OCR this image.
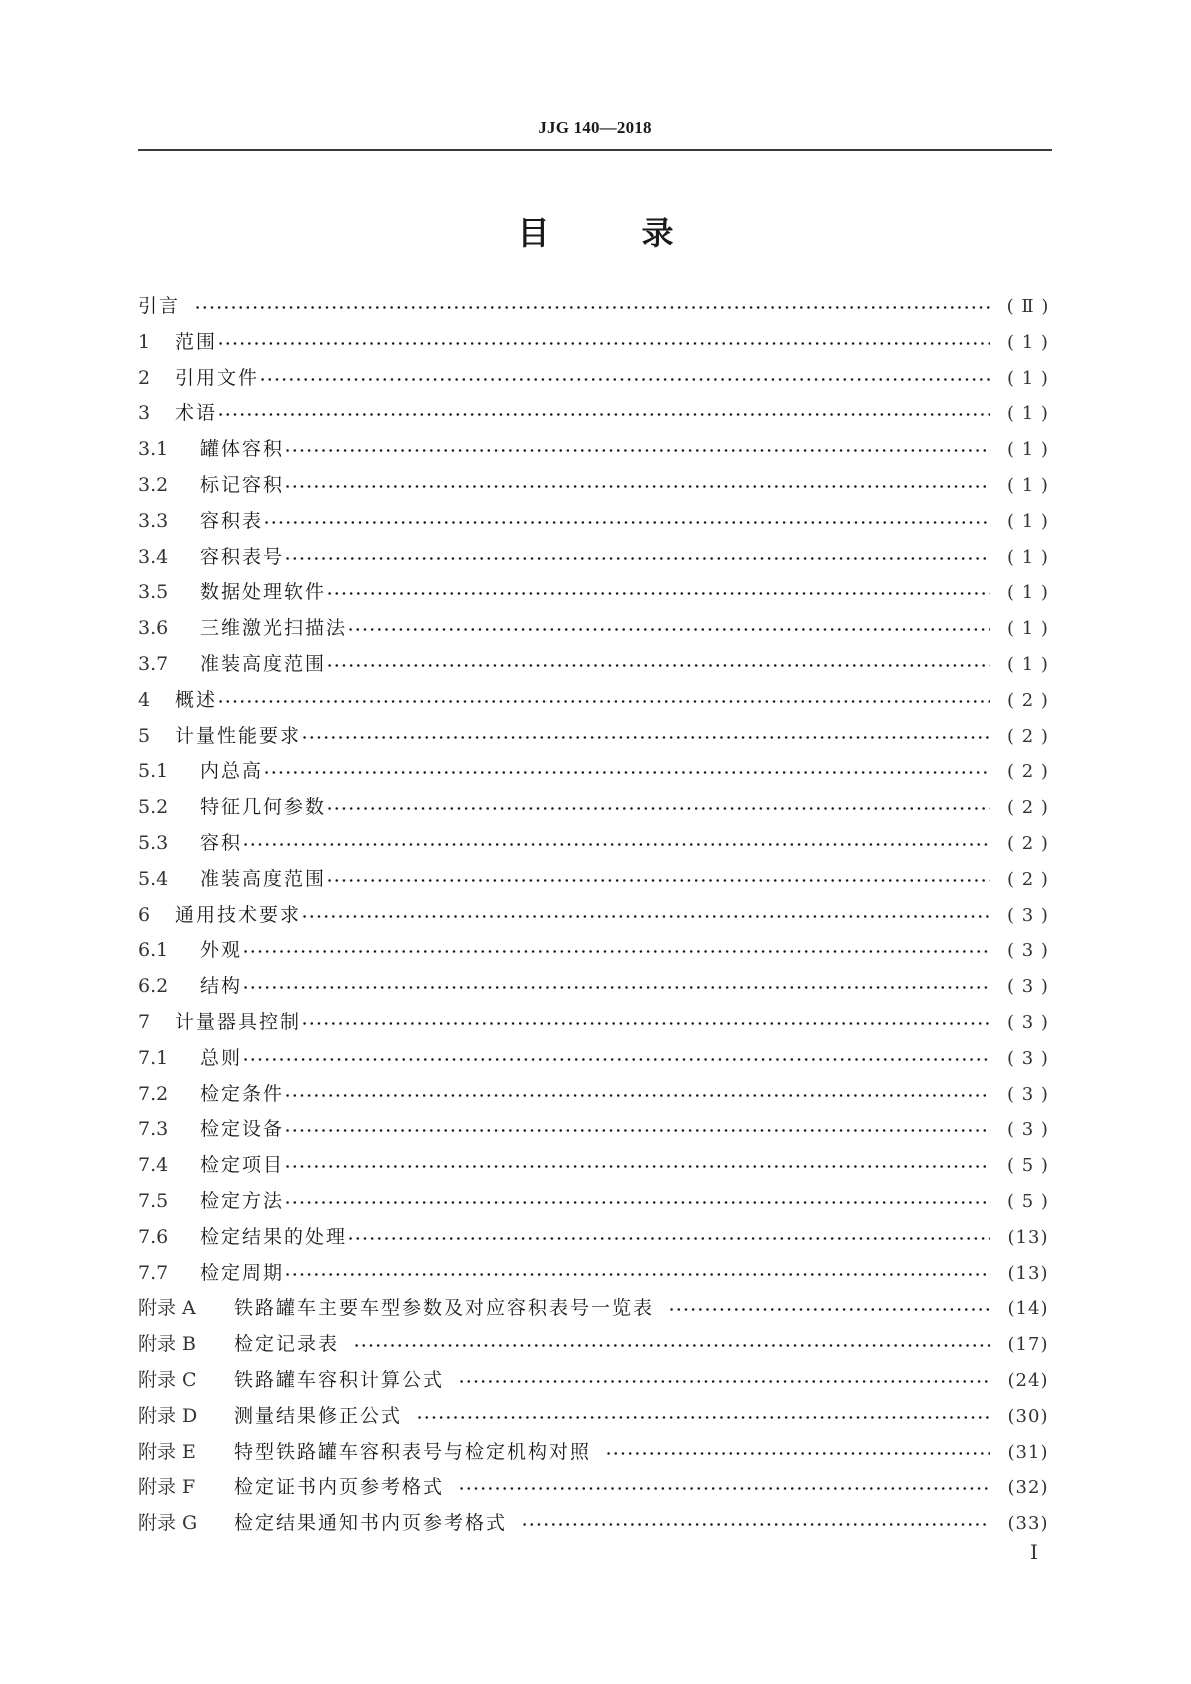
JJG 140—2018
目	录
引言	( Ⅱ )
1	范围	( 1 )
2	引用文件	( 1 )
3	术语	( 1 )
3.1	罐体容积	( 1 )
3.2	标记容积	( 1 )
3.3	容积表	( 1 )
3.4	容积表号	( 1 )
3.5	数据处理软件	( 1 )
3.6	三维激光扫描法	( 1 )
3.7	准装高度范围	( 1 )
4	概述	( 2 )
5	计量性能要求	( 2 )
5.1	内总高	( 2 )
5.2	特征几何参数	( 2 )
5.3	容积	( 2 )
5.4	准装高度范围	( 2 )
6	通用技术要求	( 3 )
6.1	外观	( 3 )
6.2	结构	( 3 )
7	计量器具控制	( 3 )
7.1	总则	( 3 )
7.2	检定条件	( 3 )
7.3	检定设备	( 3 )
7.4	检定项目	( 5 )
7.5	检定方法	( 5 )
7.6	检定结果的处理	(13)
7.7	检定周期	(13)
附录 A	铁路罐车主要车型参数及对应容积表号一览表	(14)
附录 B	检定记录表	(17)
附录 C	铁路罐车容积计算公式	(24)
附录 D	测量结果修正公式	(30)
附录 E	特型铁路罐车容积表号与检定机构对照	(31)
附录 F	检定证书内页参考格式	(32)
附录 G	检定结果通知书内页参考格式	(33)
I
